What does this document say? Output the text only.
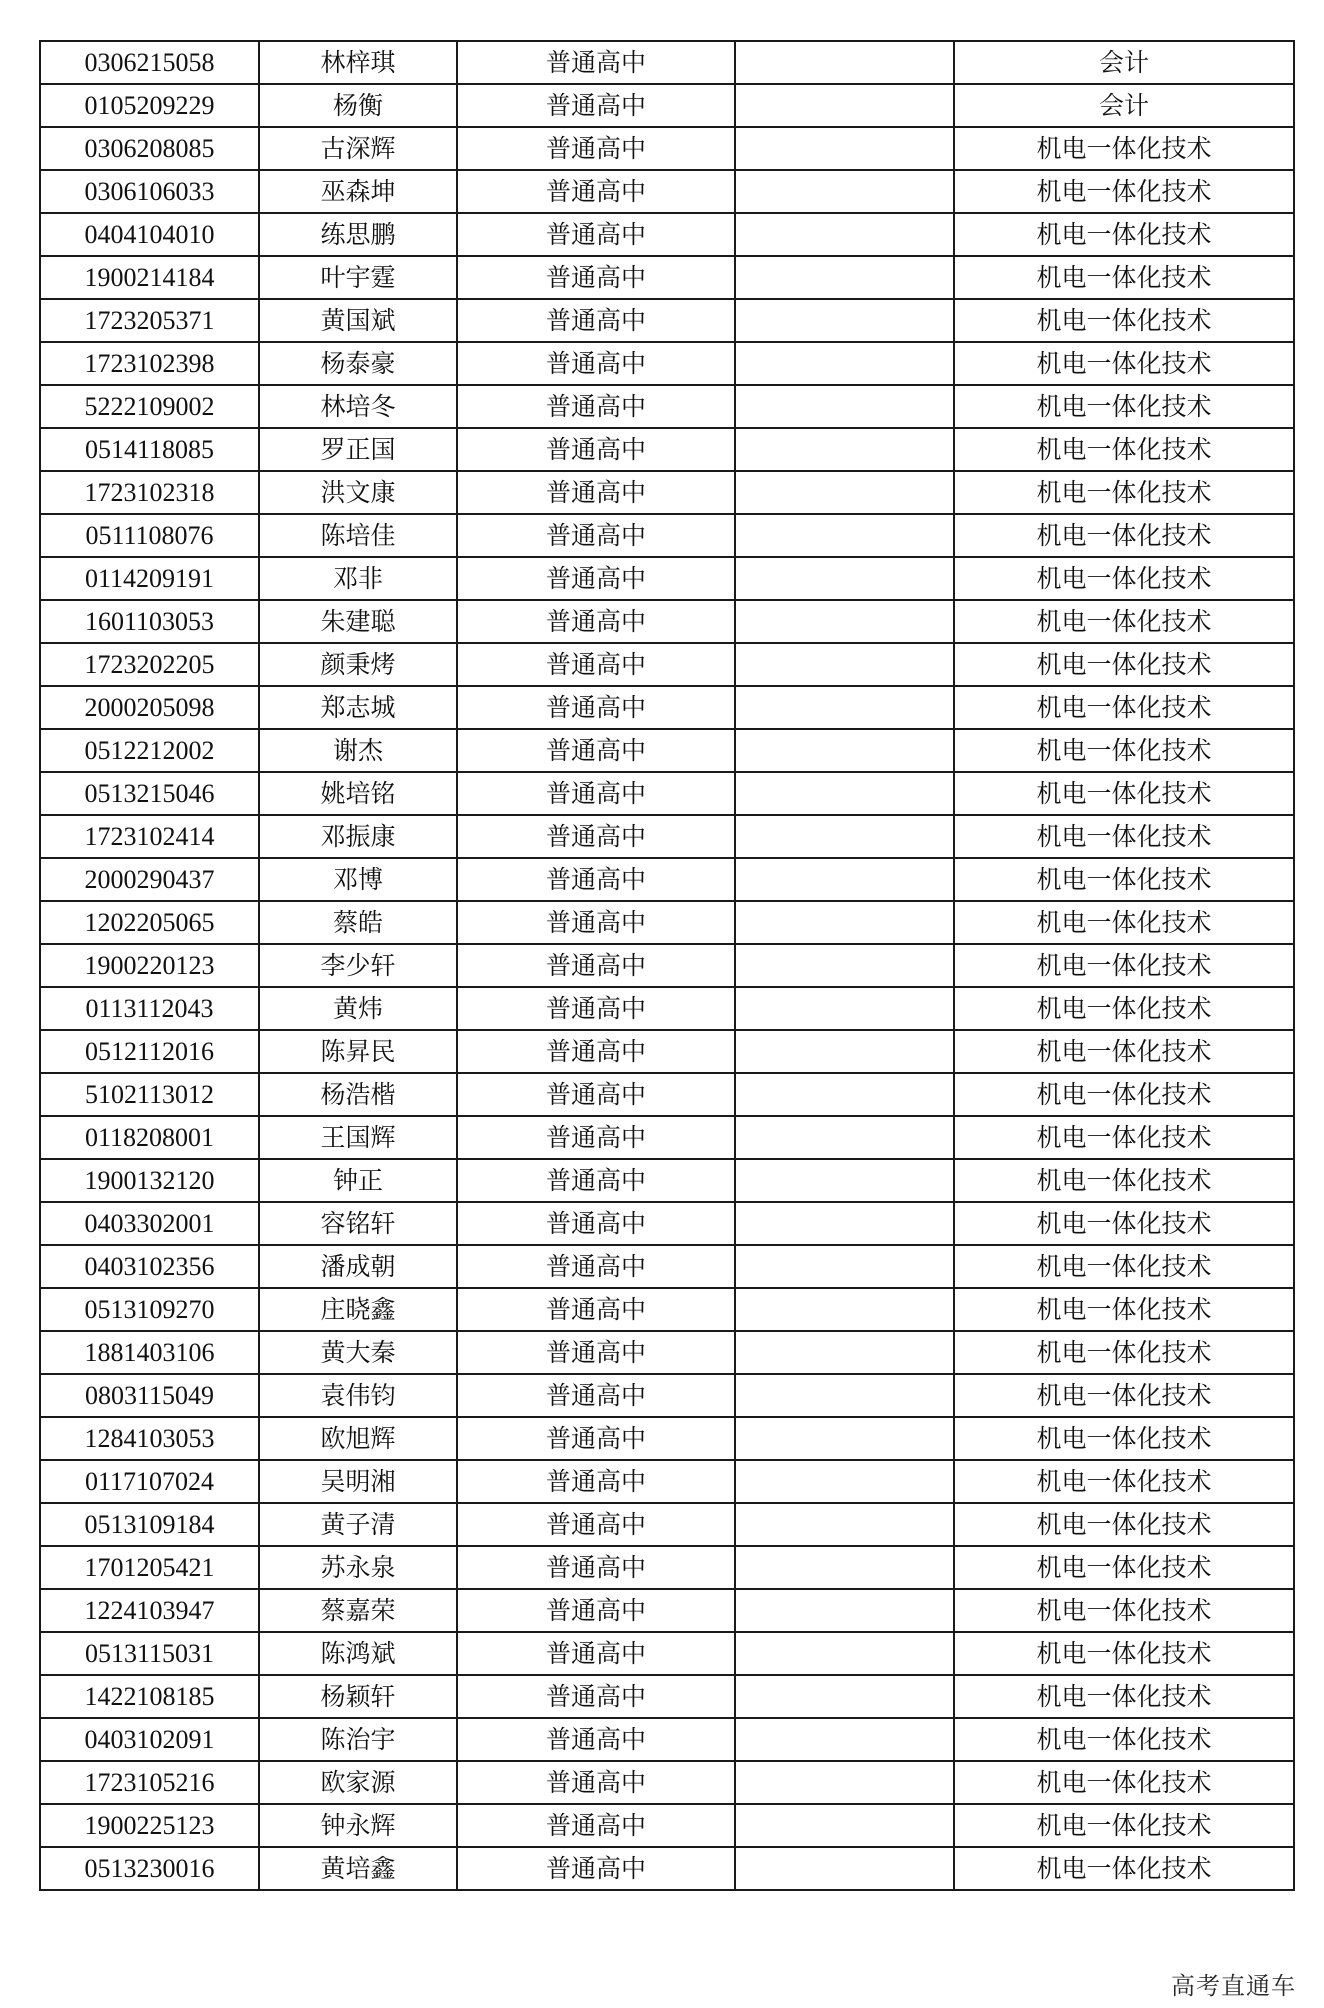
0306215058	林梓琪	普通高中		会计
0105209229	杨衡	普通高中		会计
0306208085	古深辉	普通高中		机电一体化技术
0306106033	巫森坤	普通高中		机电一体化技术
0404104010	练思鹏	普通高中		机电一体化技术
1900214184	叶宇霆	普通高中		机电一体化技术
1723205371	黄国斌	普通高中		机电一体化技术
1723102398	杨泰豪	普通高中		机电一体化技术
5222109002	林培冬	普通高中		机电一体化技术
0514118085	罗正国	普通高中		机电一体化技术
1723102318	洪文康	普通高中		机电一体化技术
0511108076	陈培佳	普通高中		机电一体化技术
0114209191	邓非	普通高中		机电一体化技术
1601103053	朱建聪	普通高中		机电一体化技术
1723202205	颜秉烤	普通高中		机电一体化技术
2000205098	郑志城	普通高中		机电一体化技术
0512212002	谢杰	普通高中		机电一体化技术
0513215046	姚培铭	普通高中		机电一体化技术
1723102414	邓振康	普通高中		机电一体化技术
2000290437	邓博	普通高中		机电一体化技术
1202205065	蔡皓	普通高中		机电一体化技术
1900220123	李少轩	普通高中		机电一体化技术
0113112043	黄炜	普通高中		机电一体化技术
0512112016	陈昇民	普通高中		机电一体化技术
5102113012	杨浩楷	普通高中		机电一体化技术
0118208001	王国辉	普通高中		机电一体化技术
1900132120	钟正	普通高中		机电一体化技术
0403302001	容铭轩	普通高中		机电一体化技术
0403102356	潘成朝	普通高中		机电一体化技术
0513109270	庄晓鑫	普通高中		机电一体化技术
1881403106	黄大秦	普通高中		机电一体化技术
0803115049	袁伟钧	普通高中		机电一体化技术
1284103053	欧旭辉	普通高中		机电一体化技术
0117107024	吴明湘	普通高中		机电一体化技术
0513109184	黄子清	普通高中		机电一体化技术
1701205421	苏永泉	普通高中		机电一体化技术
1224103947	蔡嘉荣	普通高中		机电一体化技术
0513115031	陈鸿斌	普通高中		机电一体化技术
1422108185	杨颖轩	普通高中		机电一体化技术
0403102091	陈治宇	普通高中		机电一体化技术
1723105216	欧家源	普通高中		机电一体化技术
1900225123	钟永辉	普通高中		机电一体化技术
0513230016	黄培鑫	普通高中		机电一体化技术
高考直通车
